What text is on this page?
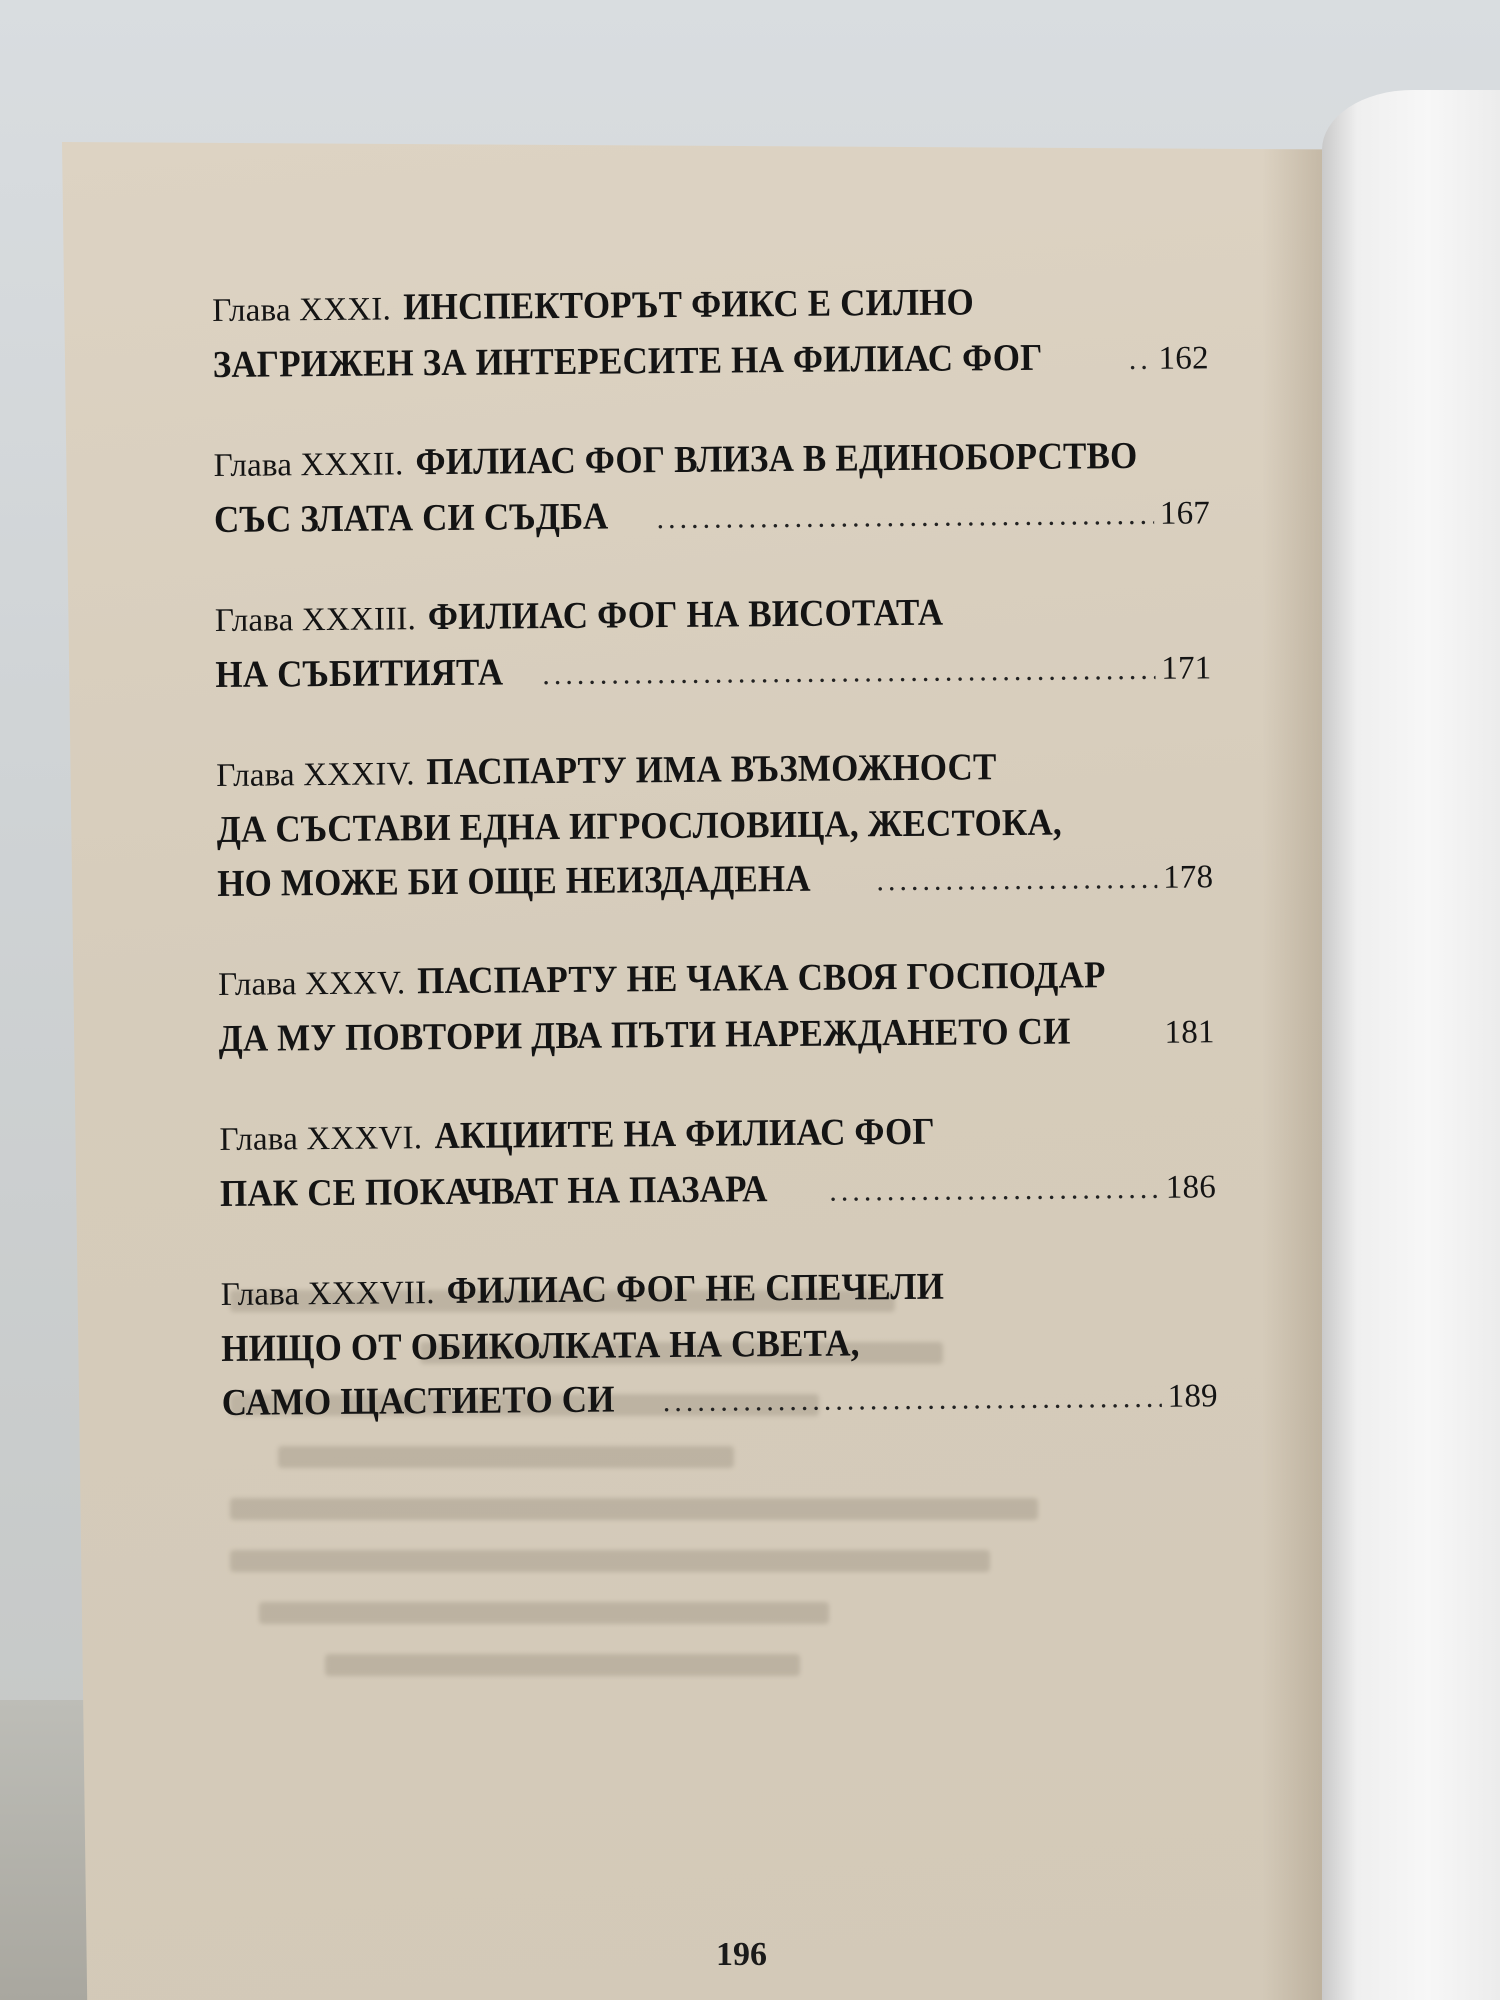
Глава XXXI. ИНСПЕКТОРЪТ ФИКС Е СИЛНО
ЗАГРИЖЕН ЗА ИНТЕРЕСИТЕ НА ФИЛИАС ФОГ .....	162
Глава XXXII. ФИЛИАС ФОГ ВЛИЗА В ЕДИНОБОРСТВО
СЪС ЗЛАТА СИ СЪДБА .....	167
Глава XXXIII. ФИЛИАС ФОГ НА ВИСОТАТА
НА СЪБИТИЯТА .....	171
Глава XXXIV. ПАСПАРТУ ИМА ВЪЗМОЖНОСТ
ДА СЪСТАВИ ЕДНА ИГРОСЛОВИЦА, ЖЕСТОКА,
НО МОЖЕ БИ ОЩЕ НЕИЗДАДЕНА .....	178
Глава XXXV. ПАСПАРТУ НЕ ЧАКА СВОЯ ГОСПОДАР
ДА МУ ПОВТОРИ ДВА ПЪТИ НАРЕЖДАНЕТО СИ .....	181
Глава XXXVI. АКЦИИТЕ НА ФИЛИАС ФОГ
ПАК СЕ ПОКАЧВАТ НА ПАЗАРА .....	186
Глава XXXVII. ФИЛИАС ФОГ НЕ СПЕЧЕЛИ
НИЩО ОТ ОБИКОЛКАТА НА СВЕТА,
САМО ЩАСТИЕТО СИ .....	189
196
